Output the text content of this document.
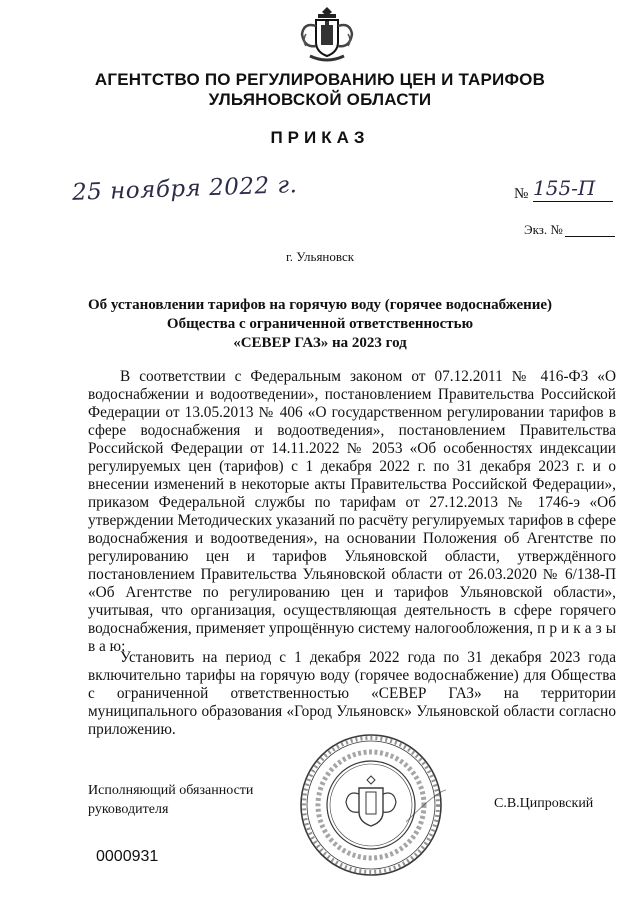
АГЕНТСТВО ПО РЕГУЛИРОВАНИЮ ЦЕН И ТАРИФОВ
УЛЬЯНОВСКОЙ ОБЛАСТИ
ПРИКАЗ
25 ноября 2022 г.	№ 155-П
Экз. №
г. Ульяновск
Об установлении тарифов на горячую воду (горячее водоснабжение)
Общества с ограниченной ответственностью
«СЕВЕР ГАЗ» на 2023 год
В соответствии с Федеральным законом от 07.12.2011 № 416-ФЗ «О водоснабжении и водоотведении», постановлением Правительства Российской Федерации от 13.05.2013 № 406 «О государственном регулировании тарифов в сфере водоснабжения и водоотведения», постановлением Правительства Российской Федерации от 14.11.2022 № 2053 «Об особенностях индексации регулируемых цен (тарифов) с 1 декабря 2022 г. по 31 декабря 2023 г. и о внесении изменений в некоторые акты Правительства Российской Федерации», приказом Федеральной службы по тарифам от 27.12.2013 № 1746-э «Об утверждении Методических указаний по расчёту регулируемых тарифов в сфере водоснабжения и водоотведения», на основании Положения об Агентстве по регулированию цен и тарифов Ульяновской области, утверждённого постановлением Правительства Ульяновской области от 26.03.2020 № 6/138-П «Об Агентстве по регулированию цен и тарифов Ульяновской области», учитывая, что организация, осуществляющая деятельность в сфере горячего водоснабжения, применяет упрощённую систему налогообложения, п р и к а з ы в а ю:
Установить на период с 1 декабря 2022 года по 31 декабря 2023 года включительно тарифы на горячую воду (горячее водоснабжение) для Общества с ограниченной ответственностью «СЕВЕР ГАЗ» на территории муниципального образования «Город Ульяновск» Ульяновской области согласно приложению.
Исполняющий обязанности
руководителя	С.В.Ципровский
0000931
